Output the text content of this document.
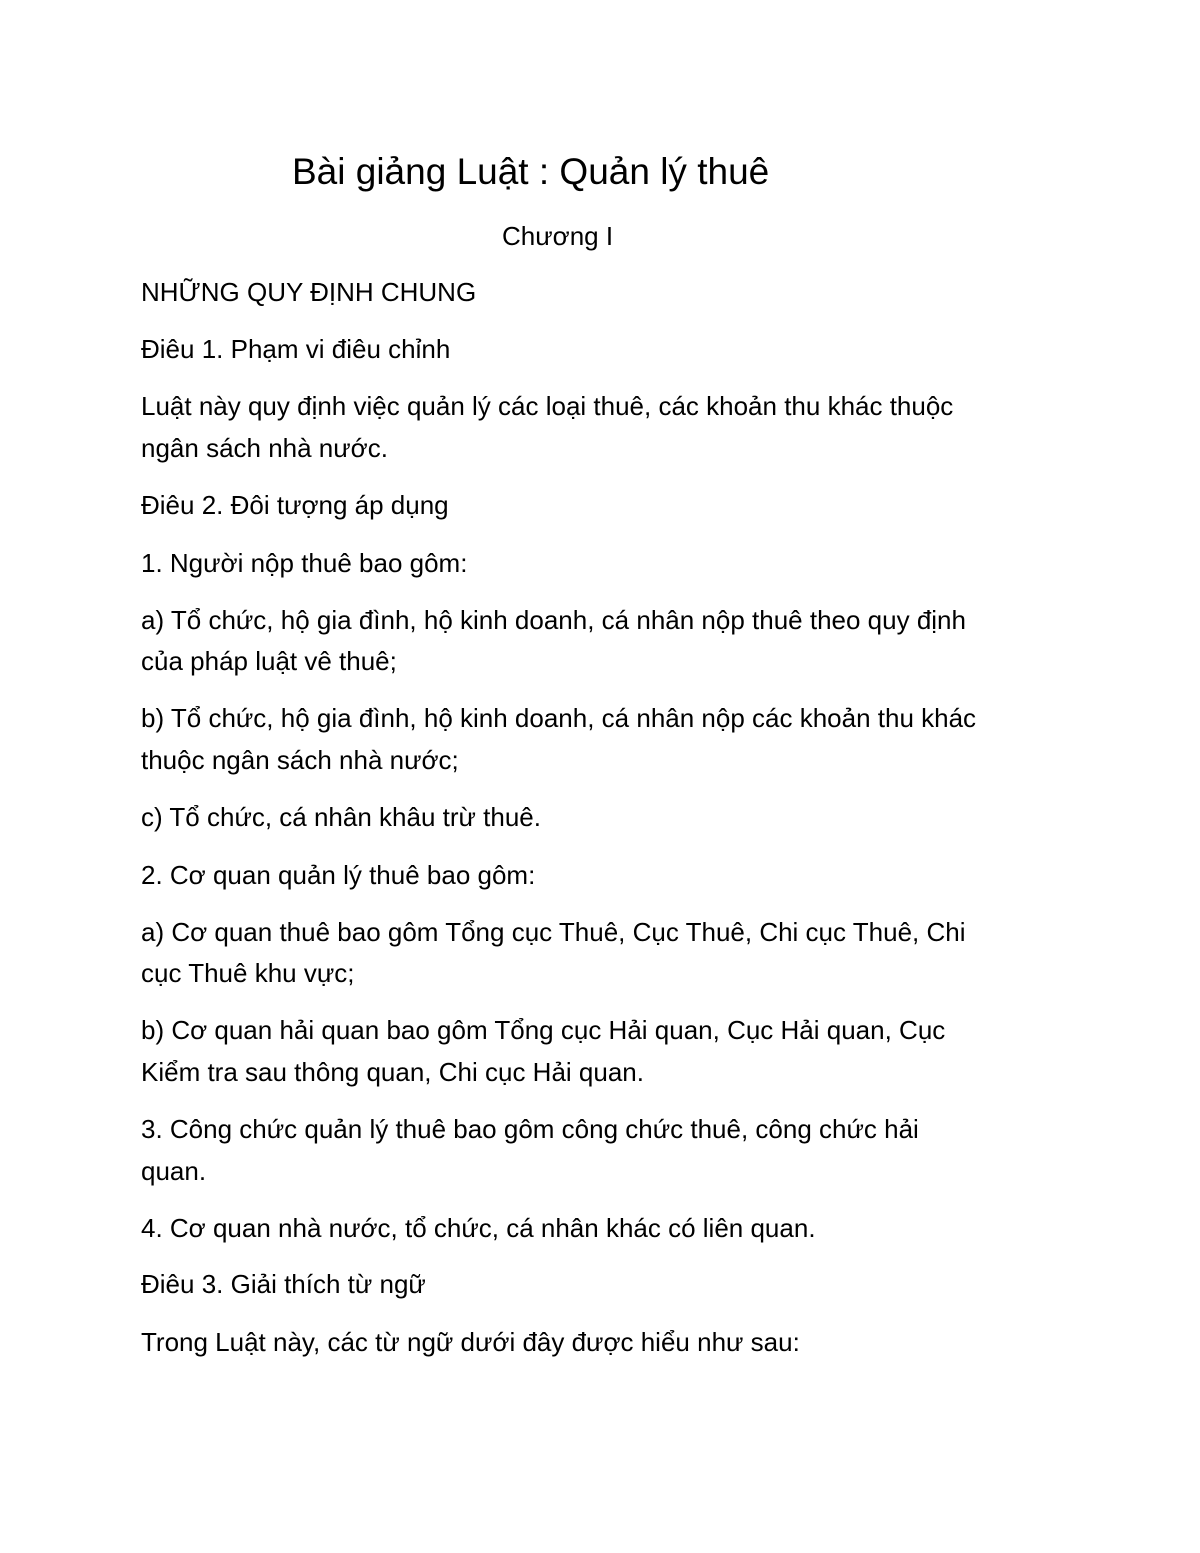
Bài giảng Luật : Quản lý thuê
Chương I
NHỮNG QUY ĐỊNH CHUNG
Điêu 1. Phạm vi điêu chỉnh
Luật này quy định việc quản lý các loại thuê, các khoản thu khác thuộc
ngân sách nhà nước.
Điêu 2. Đôi tượng áp dụng
1. Người nộp thuê bao gôm:
a) Tổ chức, hộ gia đình, hộ kinh doanh, cá nhân nộp thuê theo quy định
của pháp luật vê thuê;
b) Tổ chức, hộ gia đình, hộ kinh doanh, cá nhân nộp các khoản thu khác
thuộc ngân sách nhà nước;
c) Tổ chức, cá nhân khâu trừ thuê.
2. Cơ quan quản lý thuê bao gôm:
a) Cơ quan thuê bao gôm Tổng cục Thuê, Cục Thuê, Chi cục Thuê, Chi
cục Thuê khu vực;
b) Cơ quan hải quan bao gôm Tổng cục Hải quan, Cục Hải quan, Cục
Kiểm tra sau thông quan, Chi cục Hải quan.
3. Công chức quản lý thuê bao gôm công chức thuê, công chức hải
quan.
4. Cơ quan nhà nước, tổ chức, cá nhân khác có liên quan.
Điêu 3. Giải thích từ ngữ
Trong Luật này, các từ ngữ dưới đây được hiểu như sau:
